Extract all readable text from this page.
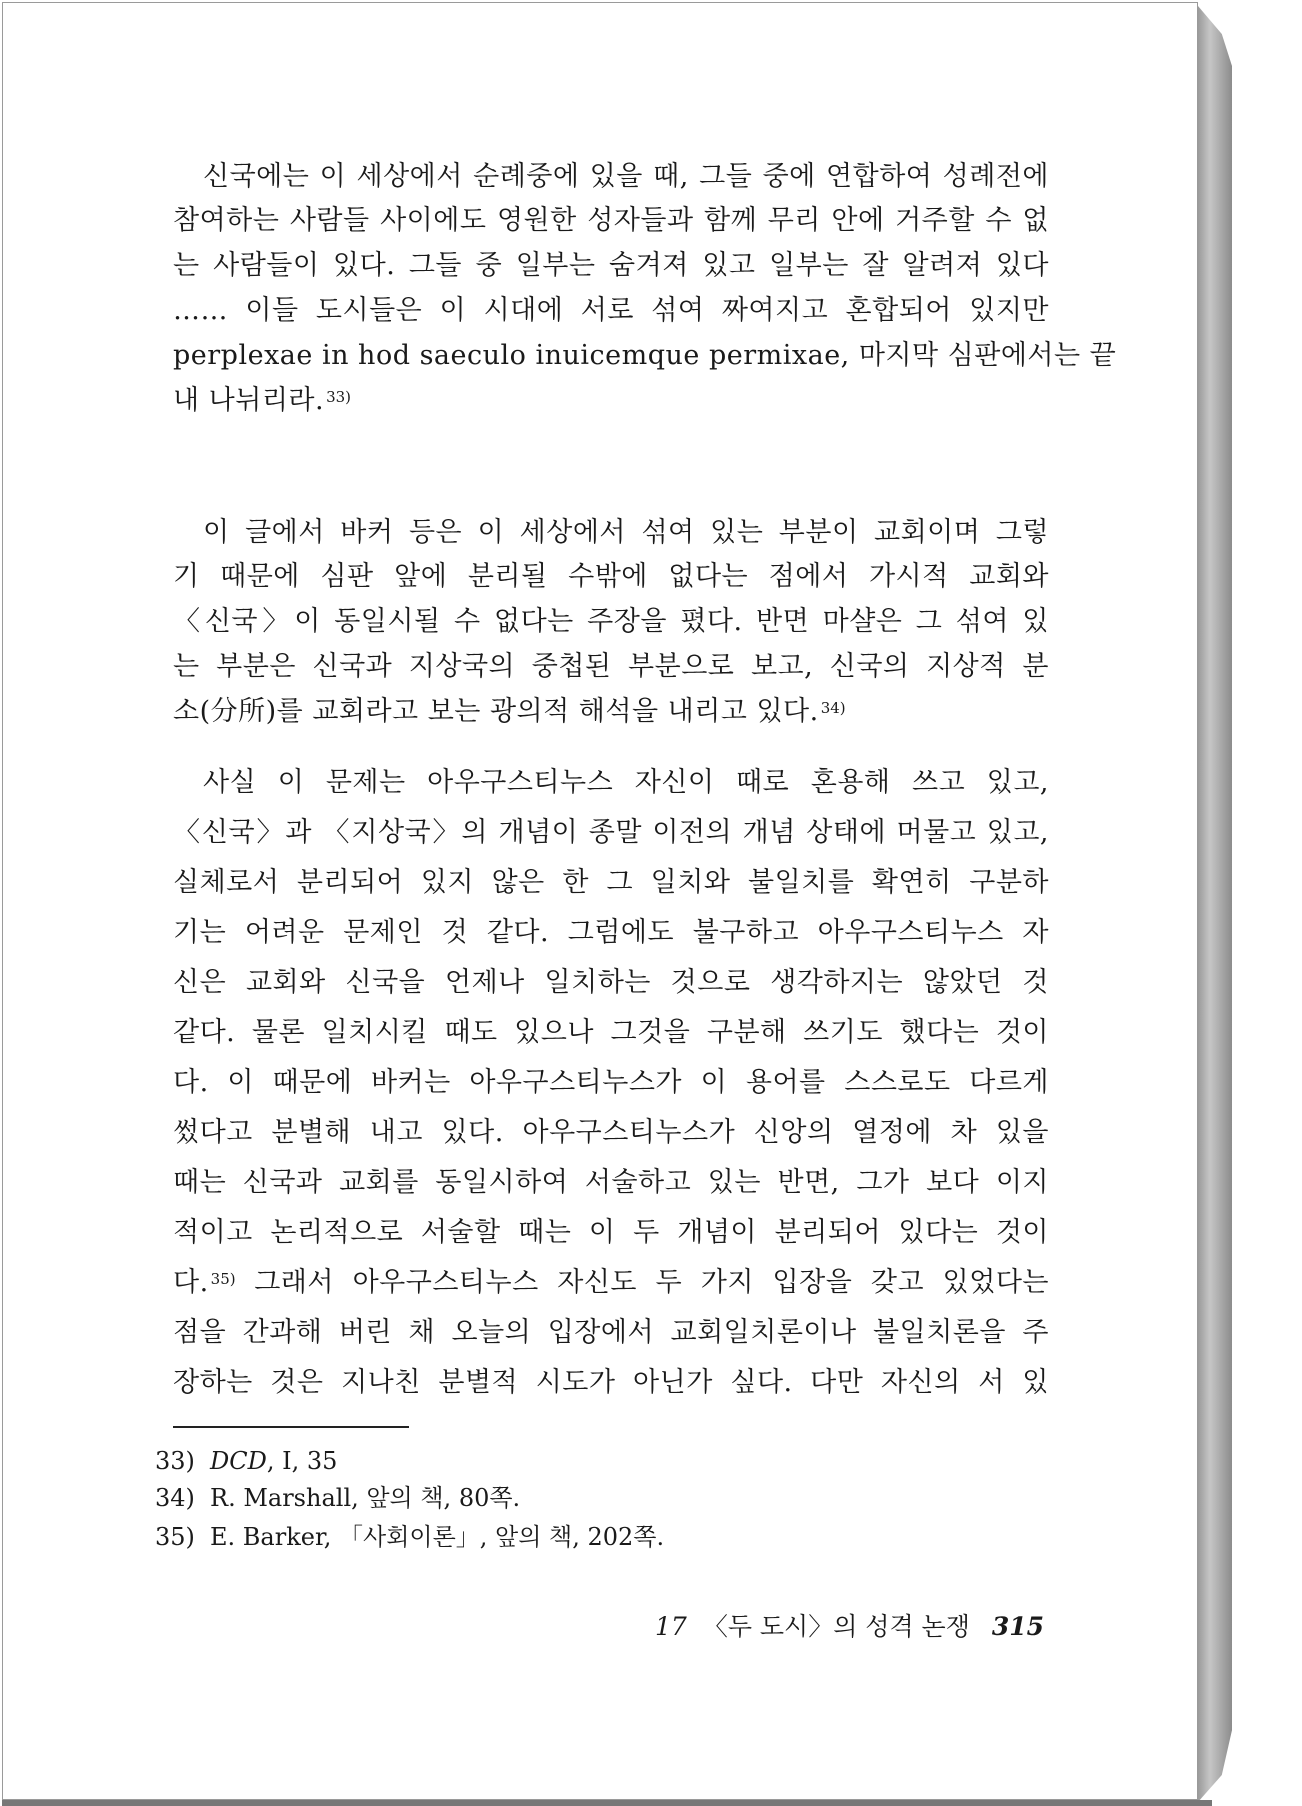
신국에는 이 세상에서 순례중에 있을 때, 그들 중에 연합하여 성례전에
참여하는 사람들 사이에도 영원한 성자들과 함께 무리 안에 거주할 수 없
는 사람들이 있다. 그들 중 일부는 숨겨져 있고 일부는 잘 알려져 있다
…… 이들 도시들은 이 시대에 서로 섞여 짜여지고 혼합되어 있지만
perplexae in hod saeculo inuicemque permixae, 마지막 심판에서는 끝
내 나뉘리라. $^{33)}$
이 글에서 바커 등은 이 세상에서 섞여 있는 부분이 교회이며 그렇
기 때문에 심판 앞에 분리될 수밖에 없다는 점에서 가시적 교회와
〈신국〉이 동일시될 수 없다는 주장을 폈다. 반면 마샬은 그 섞여 있
는 부분은 신국과 지상국의 중첩된 부분으로 보고, 신국의 지상적 분
소(分所)를 교회라고 보는 광의적 해석을 내리고 있다. $^{34)}$
사실 이 문제는 아우구스티누스 자신이 때로 혼용해 쓰고 있고,
〈신국〉과 〈지상국〉의 개념이 종말 이전의 개념 상태에 머물고 있고,
실체로서 분리되어 있지 않은 한 그 일치와 불일치를 확연히 구분하
기는 어려운 문제인 것 같다. 그럼에도 불구하고 아우구스티누스 자
신은 교회와 신국을 언제나 일치하는 것으로 생각하지는 않았던 것
같다. 물론 일치시킬 때도 있으나 그것을 구분해 쓰기도 했다는 것이
다. 이 때문에 바커는 아우구스티누스가 이 용어를 스스로도 다르게
썼다고 분별해 내고 있다. 아우구스티누스가 신앙의 열정에 차 있을
때는 신국과 교회를 동일시하여 서술하고 있는 반면, 그가 보다 이지
적이고 논리적으로 서술할 때는 이 두 개념이 분리되어 있다는 것이
다. $^{35)}$ 그래서 아우구스티누스 자신도 두 가지 입장을 갖고 있었다는
점을 간과해 버린 채 오늘의 입장에서 교회일치론이나 불일치론을 주
장하는 것은 지나친 분별적 시도가 아닌가 싶다. 다만 자신의 서 있
33) DCD, Ⅰ, 35
34) R. Marshall, 앞의 책, 80쪽.
35) E. Barker, 「사회이론」, 앞의 책, 202쪽.
17 〈두 도시〉의 성격 논쟁 315
